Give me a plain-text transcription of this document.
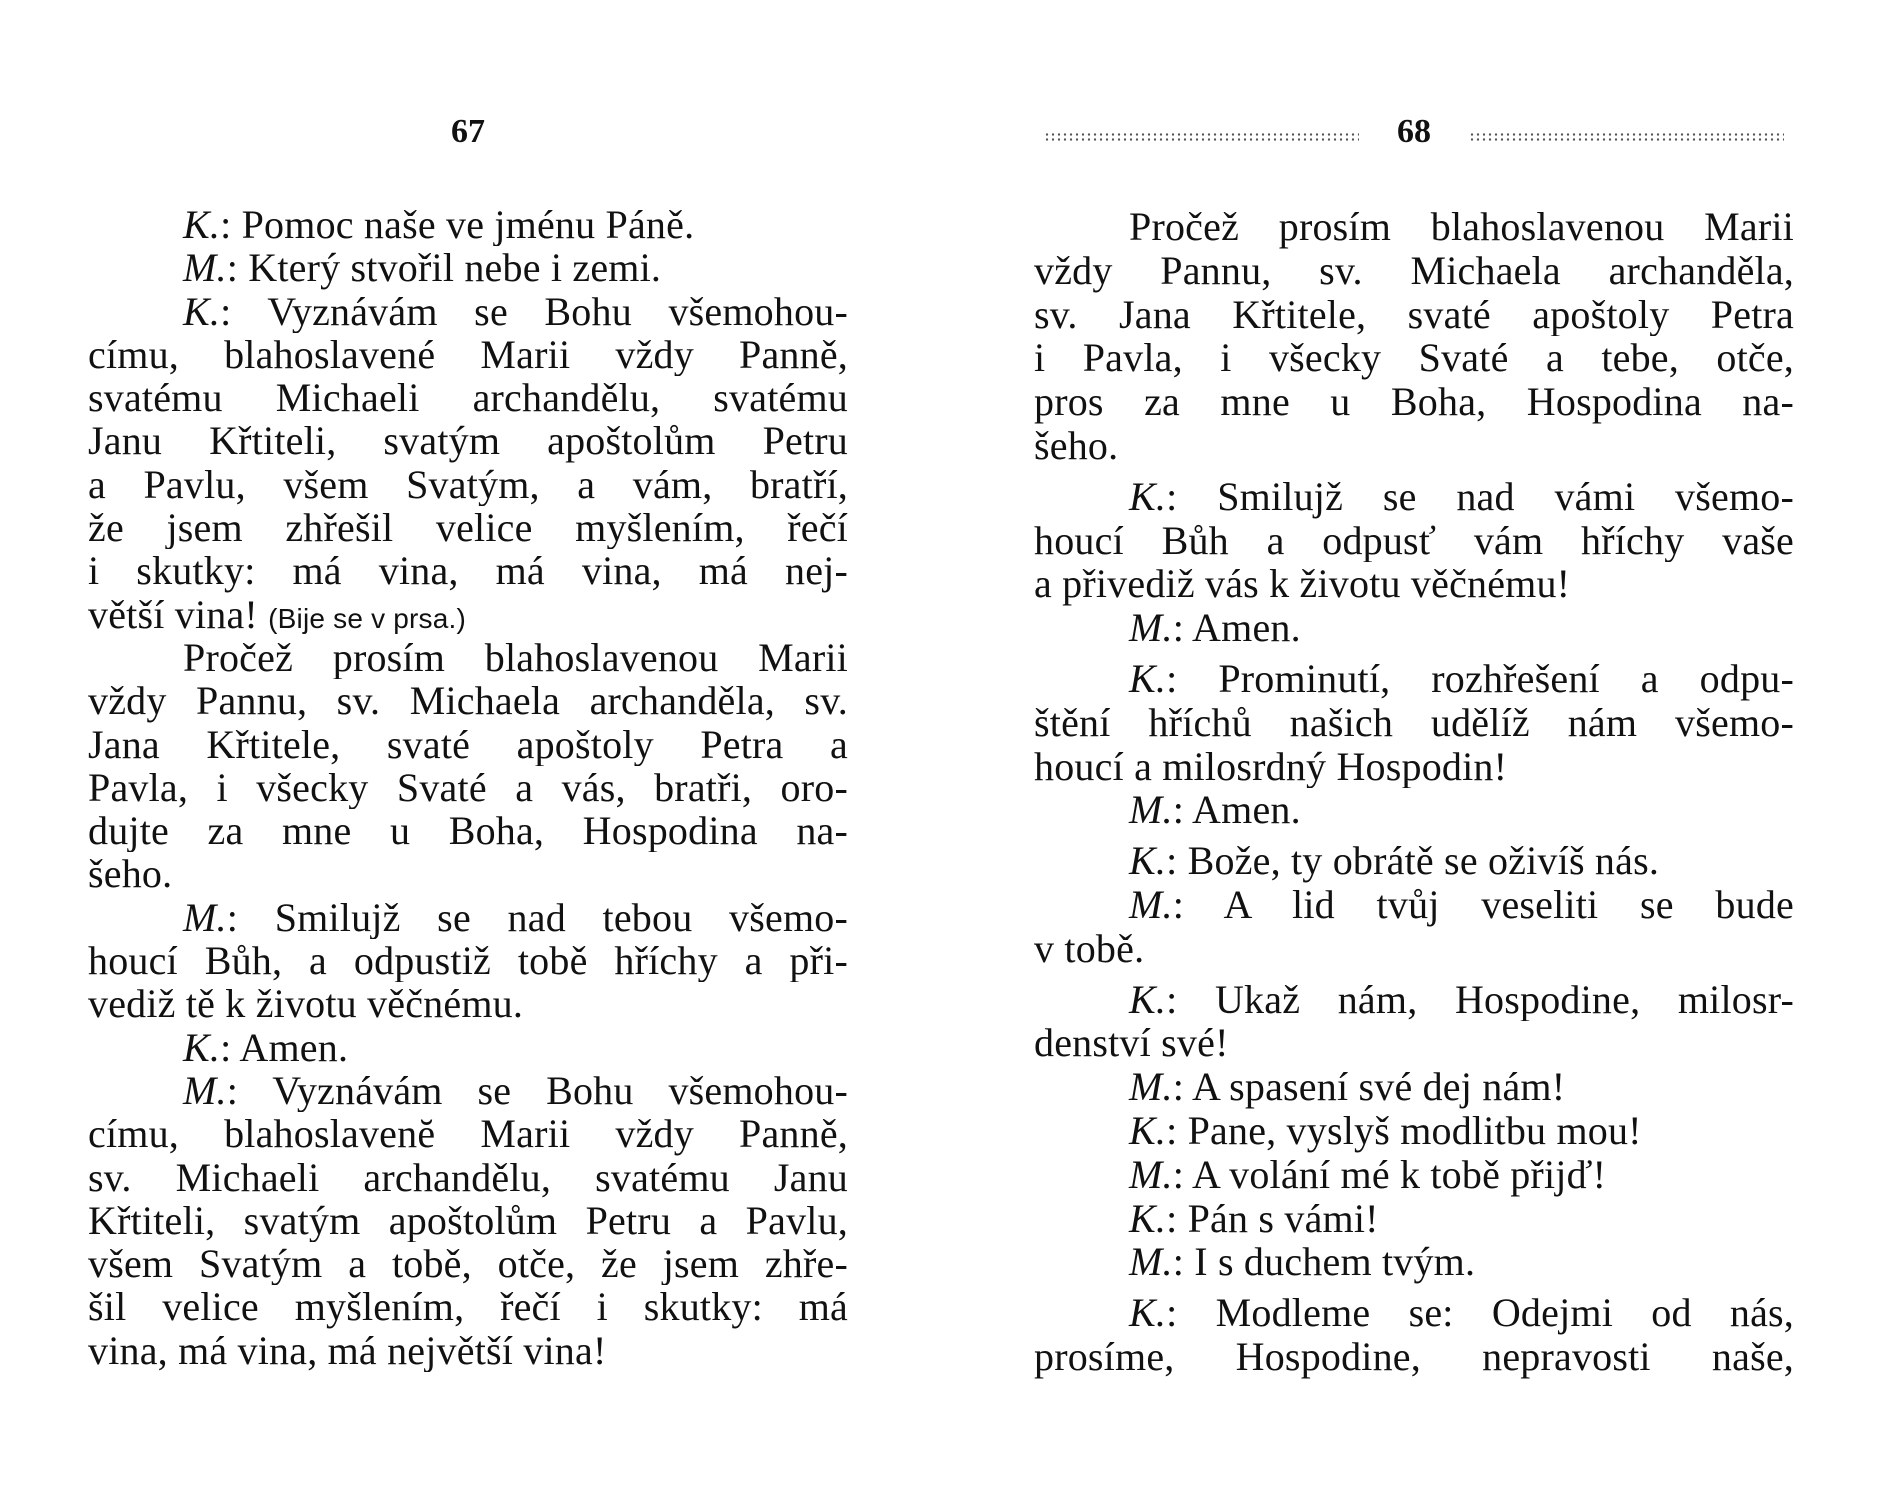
67
K.: Pomoc naše ve jménu Páně.
M.: Který stvořil nebe i zemi.
K.: Vyznávám se Bohu všemohou-
címu, blahoslavené Marii vždy Panně,
svatému Michaeli archandělu, svatému
Janu Křtiteli, svatým apoštolům Petru
a Pavlu, všem Svatým, a vám, bratří,
že jsem zhřešil velice myšlením, řečí
i skutky: má vina, má vina, má nej-
větší vina! (Bije se v prsa.)
Pročež prosím blahoslavenou Marii
vždy Pannu, sv. Michaela archanděla, sv.
Jana Křtitele, svaté apoštoly Petra a
Pavla, i všecky Svaté a vás, bratři, oro-
dujte za mne u Boha, Hospodina na-
šeho.
M.: Smilujž se nad tebou všemo-
houcí Bůh, a odpustiž tobě hříchy a při-
vediž tě k životu věčnému.
K.: Amen.
M.: Vyznávám se Bohu všemohou-
címu, blahoslavenĕ Marii vždy Panně,
sv. Michaeli archandělu, svatému Janu
Křtiteli, svatým apoštolům Petru a Pavlu,
všem Svatým a tobě, otče, že jsem zhře-
šil velice myšlením, řečí i skutky: má
vina, má vina, má největší vina!
68
Pročež prosím blahoslavenou Marii
vždy Pannu, sv. Michaela archanděla,
sv. Jana Křtitele, svaté apoštoly Petra
i Pavla, i všecky Svaté a tebe, otče,
pros za mne u Boha, Hospodina na-
šeho.
K.: Smilujž se nad vámi všemo-
houcí Bůh a odpusť vám hříchy vaše
a přivediž vás k životu věčnému!
M.: Amen.
K.: Prominutí, rozhřešení a odpu-
štění hříchů našich udělíž nám všemo-
houcí a milosrdný Hospodin!
M.: Amen.
K.: Bože, ty obrátě se oživíš nás.
M.: A lid tvůj veseliti se bude
v tobě.
K.: Ukaž nám, Hospodine, milosr-
denství své!
M.: A spasení své dej nám!
K.: Pane, vyslyš modlitbu mou!
M.: A volání mé k tobě přijď!
K.: Pán s vámi!
M.: I s duchem tvým.
K.: Modleme se: Odejmi od nás,
prosíme, Hospodine, nepravosti naše,
